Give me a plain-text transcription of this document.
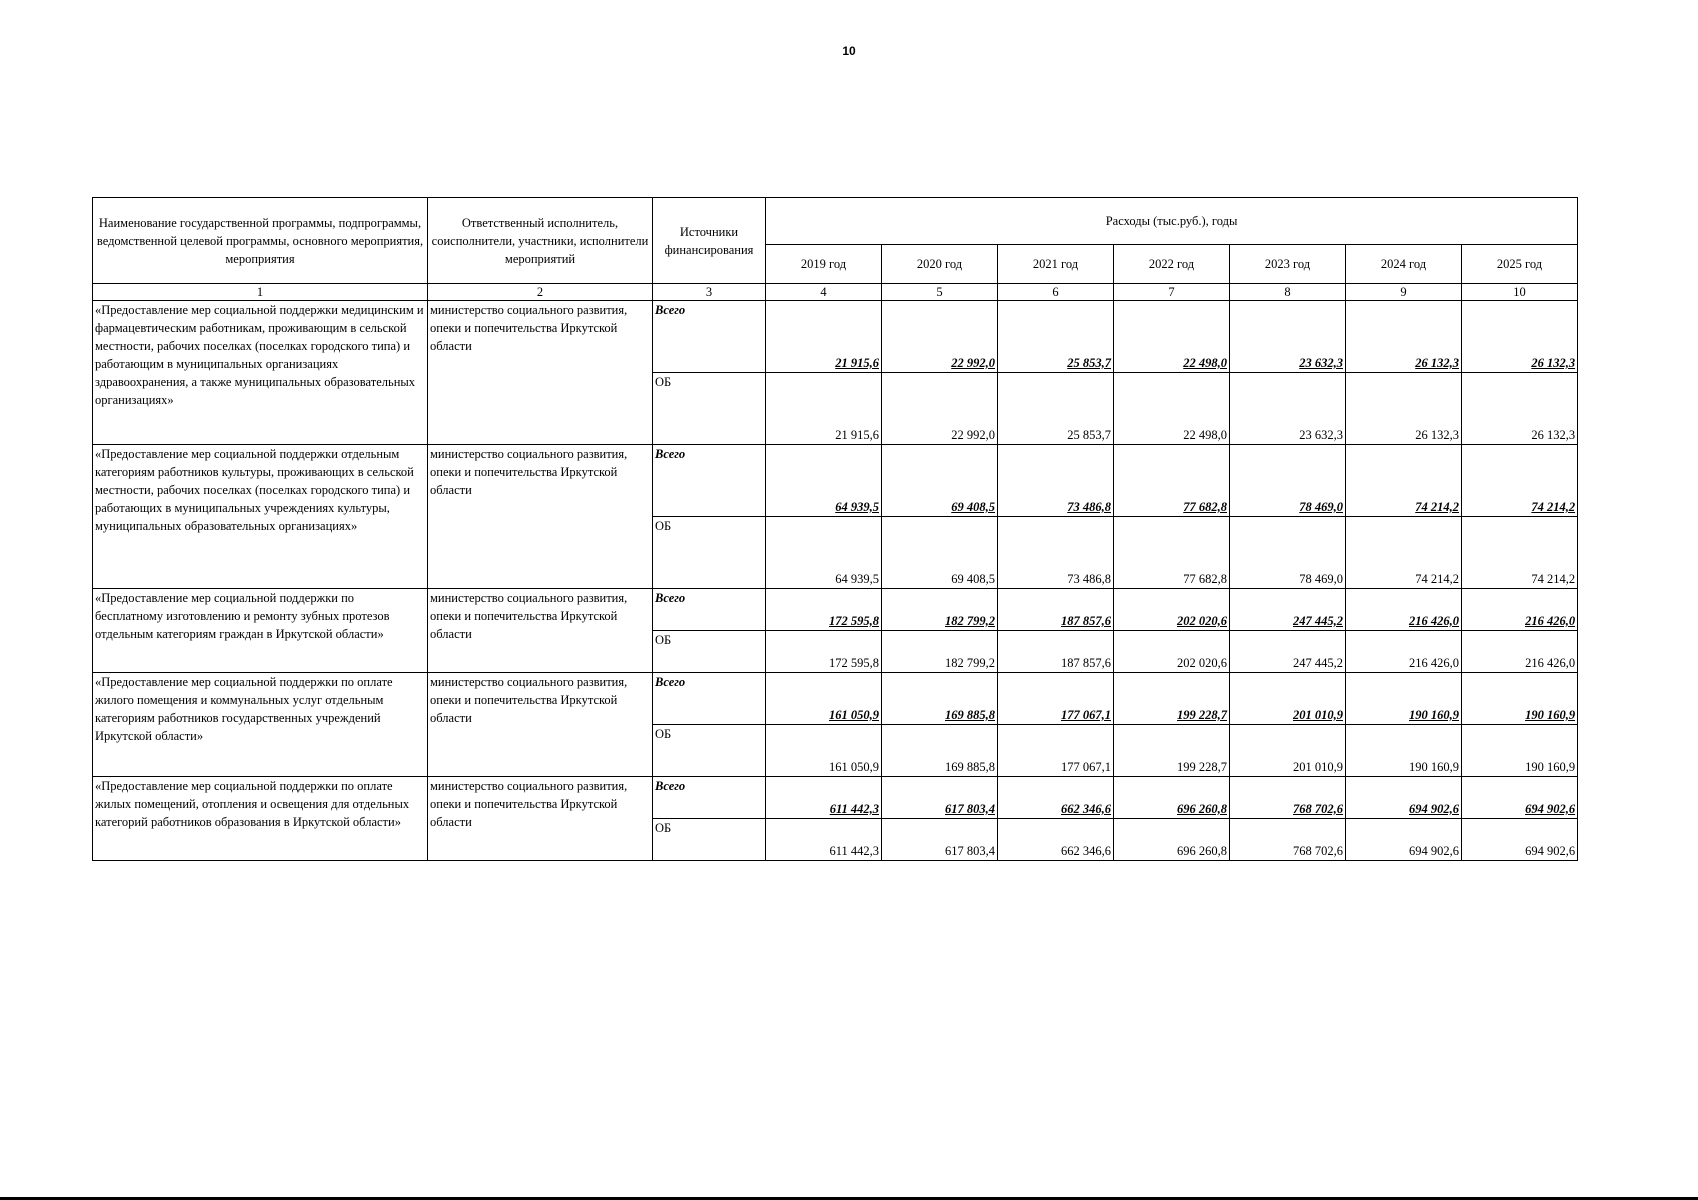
10
Наименование государственной программы, подпрограммы, ведомственной целевой программы, основного мероприятия, мероприятия	Ответственный исполнитель, соисполнители, участники, исполнители мероприятий	Источники финансирования	Расходы (тыс.руб.), годы						
			2019 год	2020 год	2021 год	2022 год	2023 год	2024 год	2025 год
1	2	3	4	5	6	7	8	9	10
«Предоставление мер социальной поддержки медицинским и фармацевтическим работникам, проживающим в сельской местности, рабочих поселках (поселках городского типа) и работающим в муниципальных организациях здравоохранения, а также муниципальных образовательных организациях»	министерство социального развития, опеки и попечительства Иркутской области	Всего	21 915,6	22 992,0	25 853,7	22 498,0	23 632,3	26 132,3	26 132,3
		ОБ	21 915,6	22 992,0	25 853,7	22 498,0	23 632,3	26 132,3	26 132,3
«Предоставление мер социальной поддержки отдельным категориям работников культуры, проживающих в сельской местности, рабочих поселках (поселках городского типа) и работающих в муниципальных учреждениях культуры, муниципальных образовательных организациях»	министерство социального развития, опеки и попечительства Иркутской области	Всего	64 939,5	69 408,5	73 486,8	77 682,8	78 469,0	74 214,2	74 214,2
		ОБ	64 939,5	69 408,5	73 486,8	77 682,8	78 469,0	74 214,2	74 214,2
«Предоставление мер социальной поддержки по бесплатному изготовлению и ремонту зубных протезов отдельным категориям граждан в Иркутской области»	министерство социального развития, опеки и попечительства Иркутской области	Всего	172 595,8	182 799,2	187 857,6	202 020,6	247 445,2	216 426,0	216 426,0
		ОБ	172 595,8	182 799,2	187 857,6	202 020,6	247 445,2	216 426,0	216 426,0
«Предоставление мер социальной поддержки по оплате жилого помещения и коммунальных услуг отдельным категориям работников государственных учреждений Иркутской области»	министерство социального развития, опеки и попечительства Иркутской области	Всего	161 050,9	169 885,8	177 067,1	199 228,7	201 010,9	190 160,9	190 160,9
		ОБ	161 050,9	169 885,8	177 067,1	199 228,7	201 010,9	190 160,9	190 160,9
«Предоставление мер социальной поддержки по оплате жилых помещений, отопления и освещения для отдельных категорий работников образования в Иркутской области»	министерство социального развития, опеки и попечительства Иркутской области	Всего	611 442,3	617 803,4	662 346,6	696 260,8	768 702,6	694 902,6	694 902,6
		ОБ	611 442,3	617 803,4	662 346,6	696 260,8	768 702,6	694 902,6	694 902,6
